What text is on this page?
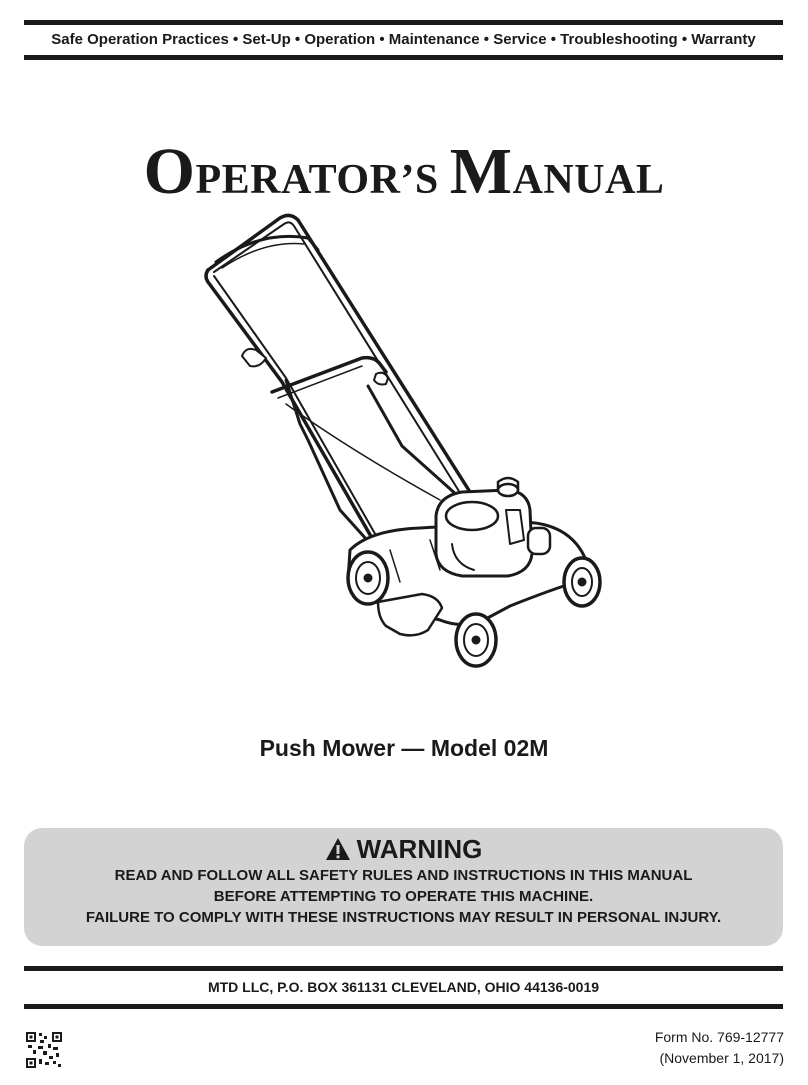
Safe Operation Practices • Set-Up • Operation • Maintenance • Service • Troubleshooting • Warranty
OPERATOR’S MANUAL
Push Mower — Model 02M
WARNING
READ AND FOLLOW ALL SAFETY RULES AND INSTRUCTIONS IN THIS MANUAL
BEFORE ATTEMPTING TO OPERATE THIS MACHINE.
FAILURE TO COMPLY WITH THESE INSTRUCTIONS MAY RESULT IN PERSONAL INJURY.
MTD LLC, P.O. BOX 361131 CLEVELAND, OHIO 44136-0019
Form No. 769-12777
(November 1, 2017)
